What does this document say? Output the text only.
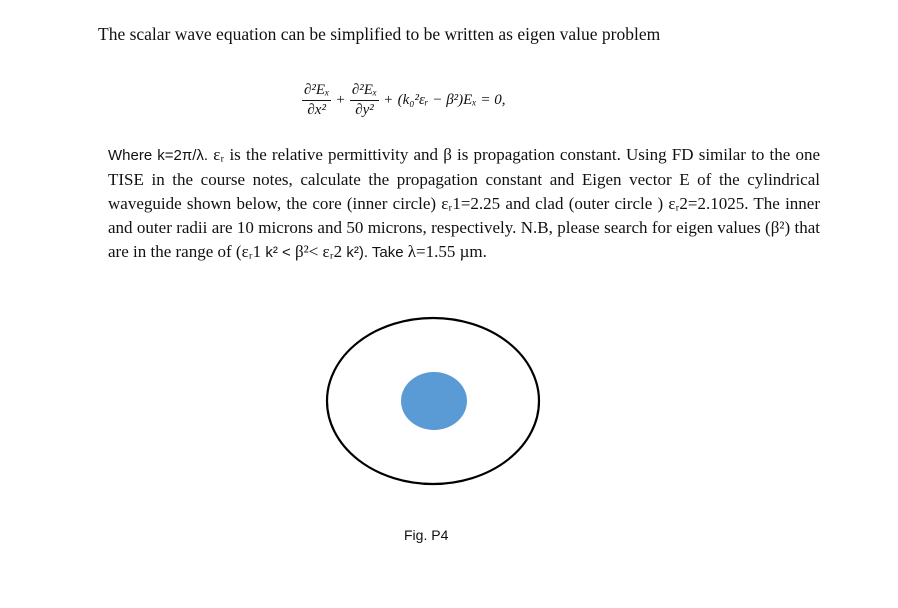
The scalar wave equation can be simplified to be written as eigen value problem
$\frac{\text{∂²Eₓ}}{\text{∂x²}} + \frac{\text{∂²Eₓ}}{\text{∂y²}}$ + (k₀²εᵣ − β²)Eₓ = 0,
Where k=2π/λ. εᵣ is the relative permittivity and β is propagation constant. Using FD similar to the one TISE in the course notes, calculate the propagation constant and Eigen vector E of the cylindrical waveguide shown below, the core (inner circle) εᵣ1=2.25 and clad (outer circle ) εᵣ2=2.1025. The inner and outer radii are 10 microns and 50 microns, respectively. N.B, please search for eigen values (β²) that are in the range of (εᵣ1 k² < β²< εᵣ2 k²). Take λ=1.55 µm.
Fig. P4
